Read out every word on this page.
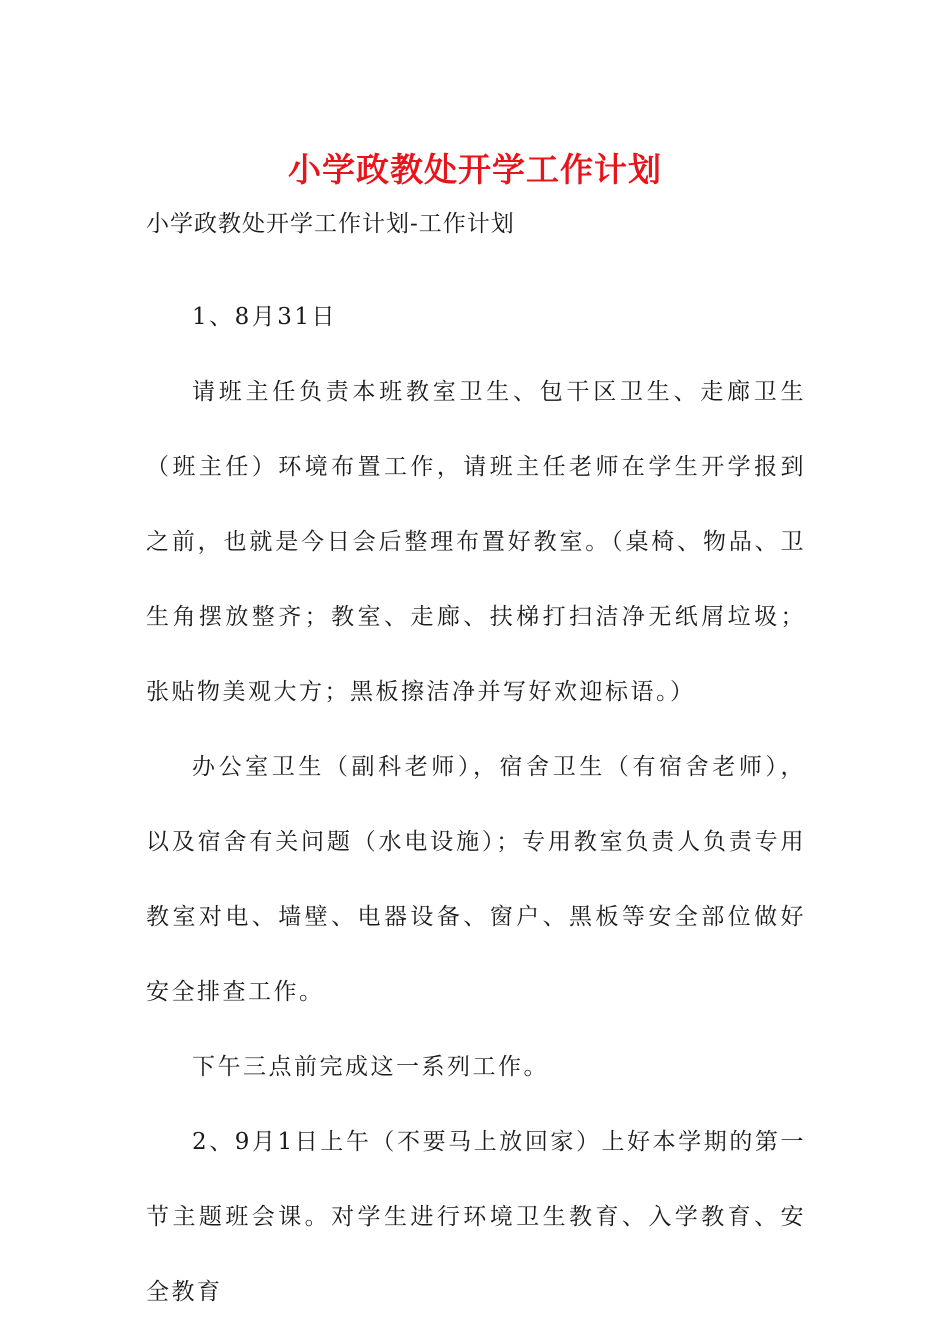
小学政教处开学工作计划
小学政教处开学工作计划-工作计划

1、8月31日

请班主任负责本班教室卫生、包干区卫生、走廊卫生（班主任）环境布置工作，请班主任老师在学生开学报到之前，也就是今日会后整理布置好教室。（桌椅、物品、卫生角摆放整齐；教室、走廊、扶梯打扫洁净无纸屑垃圾；张贴物美观大方；黑板擦洁净并写好欢迎标语。）

办公室卫生（副科老师），宿舍卫生（有宿舍老师），以及宿舍有关问题（水电设施）；专用教室负责人负责专用教室对电、墙壁、电器设备、窗户、黑板等安全部位做好安全排查工作。

下午三点前完成这一系列工作。

2、9月1日上午（不要马上放回家）上好本学期的第一节主题班会课。对学生进行环境卫生教育、入学教育、安全教育
